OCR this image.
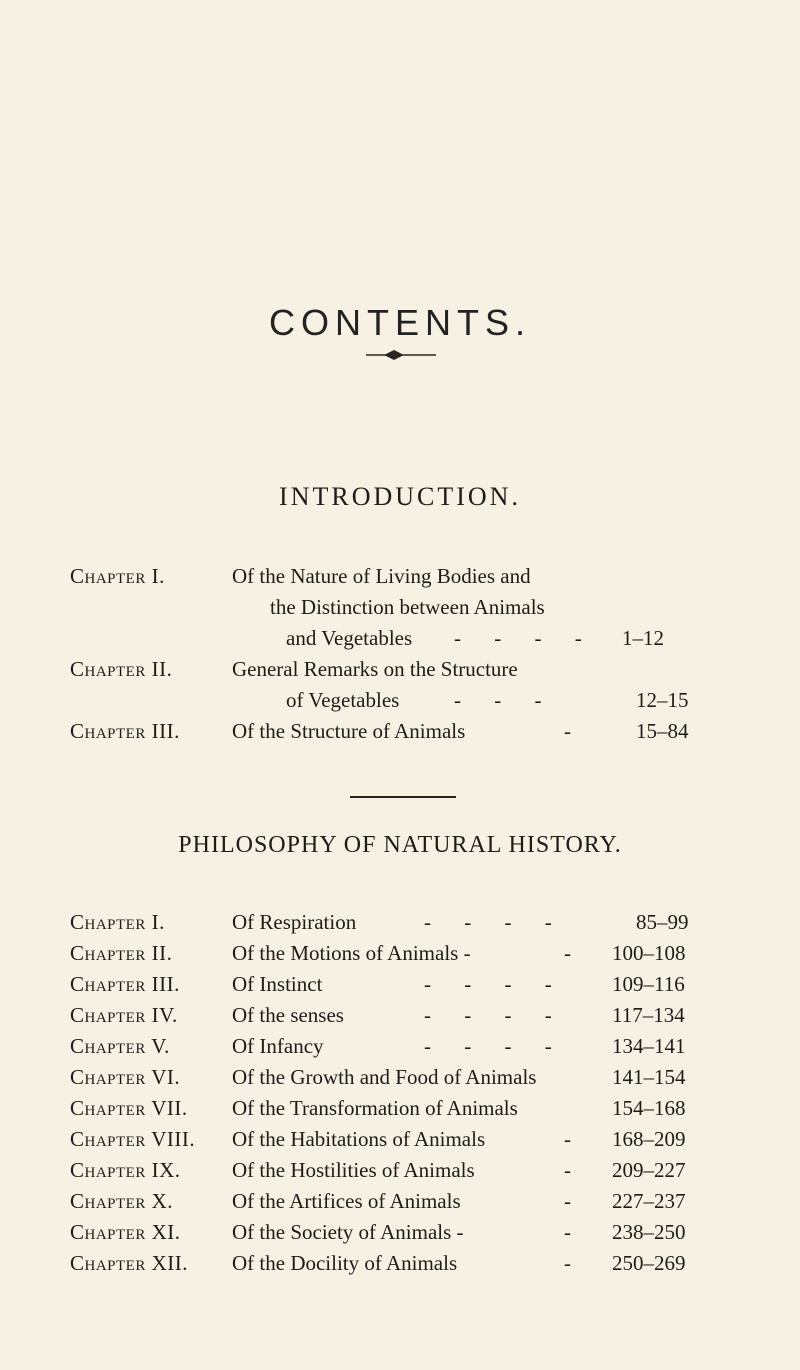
CONTENTS.
INTRODUCTION.
Chapter I.	Of the Nature of Living Bodies and
the Distinction between Animals
and Vegetables - - - - 1–12
Chapter II.	General Remarks on the Structure
of Vegetables	- - -	12–15
Chapter III. Of the Structure of Animals	- 15–84
PHILOSOPHY OF NATURAL HISTORY.
Chapter I.	Of Respiration	- - - -	85–99
Chapter II.	Of the Motions of Animals -	- 100–108
Chapter III. Of Instinct	- - - - 109–116
Chapter IV.	Of the senses	- - - - 117–134
Chapter V.	Of Infancy	- - - - 134–141
Chapter VI. Of the Growth and Food of Animals	141–154
Chapter VII. Of the Transformation of Animals	154–168
Chapter VIII. Of the Habitations of Animals	- 168–209
Chapter IX. Of the Hostilities of Animals	- 209–227
Chapter X.	Of the Artifices of Animals	- 227–237
Chapter XI. Of the Society of Animals -	- 238–250
Chapter XII. Of the Docility of Animals	- 250–269
